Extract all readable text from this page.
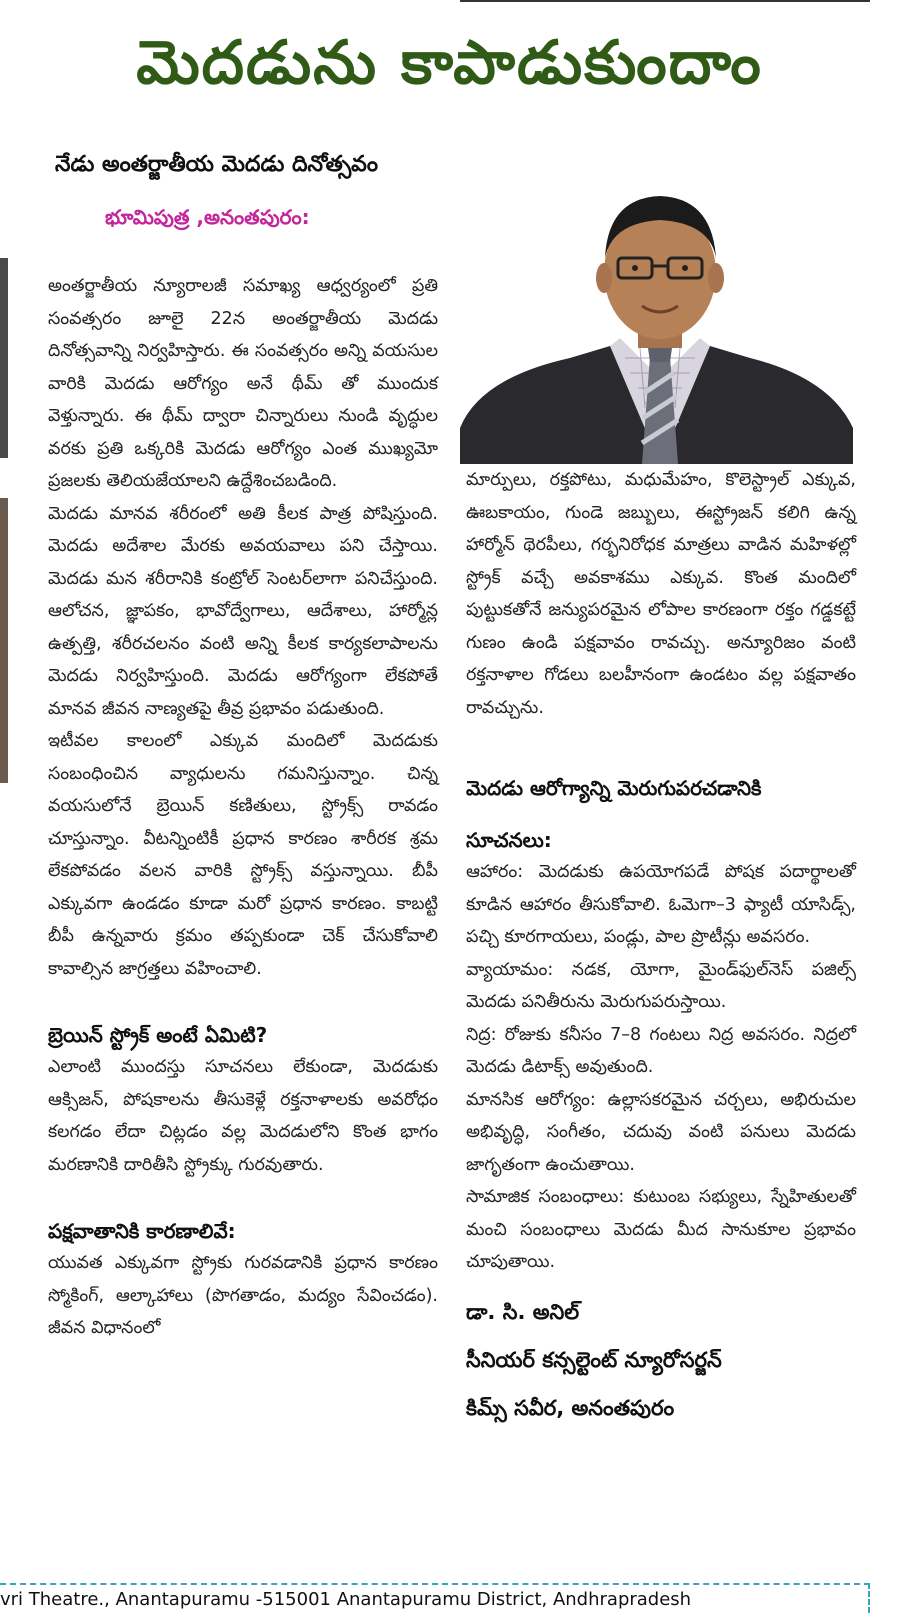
మెదడును కాపాడుకుందాం
నేడు అంతర్జాతీయ మెదడు దినోత్సవం
భూమిపుత్ర ,అనంతపురం:

అంతర్జాతీయ న్యూరాలజీ సమాఖ్య ఆధ్వర్యంలో ప్రతి సంవత్సరం జూలై 22న అంతర్జాతీయ మెదడు దినోత్సవాన్ని నిర్వహిస్తారు. ఈ సంవత్సరం అన్ని వయసుల వారికి మెదడు ఆరోగ్యం అనే థీమ్ తో ముందుక వెళ్తున్నారు. ఈ థీమ్ ద్వారా చిన్నారులు నుండి వృద్ధుల వరకు ప్రతి ఒక్కరికి మెదడు ఆరోగ్యం ఎంత ముఖ్యమో ప్రజలకు తెలియజేయాలని ఉద్దేశించబడింది.

మెదడు మానవ శరీరంలో అతి కీలక పాత్ర పోషిస్తుంది. మెదడు అదేశాల మేరకు అవయవాలు పని చేస్తాయి. మెదడు మన శరీరానికి కంట్రోల్ సెంటర్‌లాగా పనిచేస్తుంది. ఆలోచన, జ్ఞాపకం, భావోద్వేగాలు, ఆదేశాలు, హార్మోన్ల ఉత్పత్తి, శరీరచలనం వంటి అన్ని కీలక కార్యకలాపాలను మెదడు నిర్వహిస్తుంది. మెదడు ఆరోగ్యంగా లేకపోతే మానవ జీవన నాణ్యతపై తీవ్ర ప్రభావం పడుతుంది.

ఇటీవల కాలంలో ఎక్కువ మందిలో మెదడుకు సంబంధించిన వ్యాధులను గమనిస్తున్నాం. చిన్న వయసులోనే బ్రెయిన్ కణితులు, స్ట్రోక్స్ రావడం చూస్తున్నాం. వీటన్నింటికీ ప్రధాన కారణం శారీరక శ్రమ లేకపోవడం వలన వారికి స్ట్రోక్స్ వస్తున్నాయి. బీపీ ఎక్కువగా ఉండడం కూడా మరో ప్రధాన కారణం. కాబట్టి బీపీ ఉన్నవారు క్రమం తప్పకుండా చెక్ చేసుకోవాలి కావాల్సిన జాగ్రత్తలు వహించాలి.

బ్రెయిన్ స్ట్రోక్ అంటే ఏమిటి?

ఎలాంటి ముందస్తు సూచనలు లేకుండా, మెదడుకు ఆక్సిజన్, పోషకాలను తీసుకెళ్లే రక్తనాళాలకు అవరోధం కలగడం లేదా చిట్లడం వల్ల మెదడులోని కొంత భాగం మరణానికి దారితీసి స్ట్రోక్కు గురవుతారు.

పక్షవాతానికి కారణాలివే:

యువత ఎక్కువగా స్ట్రోకు గురవడానికి ప్రధాన కారణం స్మోకింగ్, ఆల్కాహాలు (పొగతాడం, మద్యం సేవించడం). జీవన విధానంలో

మార్పులు, రక్తపోటు, మధుమేహం, కొలెస్ట్రాల్ ఎక్కువ, ఊబకాయం, గుండె జబ్బులు, ఈస్ట్రోజన్ కలిగి ఉన్న హార్మోన్ థెరపీలు, గర్భనిరోధక మాత్రలు వాడిన మహిళల్లో స్ట్రోక్ వచ్చే అవకాశము ఎక్కువ. కొంత మందిలో పుట్టుకతోనే జన్యుపరమైన లోపాల కారణంగా రక్తం గడ్డకట్టే గుణం ఉండి పక్షవావం రావచ్చు. అన్యూరిజం వంటి రక్తనాళాల గోడలు బలహీనంగా ఉండటం వల్ల పక్షవాతం రావచ్చును.

మెదడు ఆరోగ్యాన్ని మెరుగుపరచడానికి
సూచనలు:

ఆహారం: మెదడుకు ఉపయోగపడే పోషక పదార్థాలతో కూడిన ఆహారం తీసుకోవాలి. ఓమెగా–3 ఫ్యాటీ యాసిడ్స్, పచ్చి కూరగాయలు, పండ్లు, పాల ప్రొటీన్లు అవసరం.

వ్యాయామం: నడక, యోగా, మైండ్‌ఫుల్‌నెస్ పజిల్స్ మెదడు పనితీరును మెరుగుపరుస్తాయి.

నిద్ర: రోజుకు కనీసం 7–8 గంటలు నిద్ర అవసరం. నిద్రలో మెదడు డిటాక్స్ అవుతుంది.

మానసిక ఆరోగ్యం: ఉల్లాసకరమైన చర్చలు, అభిరుచుల అభివృద్ధి, సంగీతం, చదువు వంటి పనులు మెదడు జాగృతంగా ఉంచుతాయి.

సామాజిక సంబంధాలు: కుటుంబ సభ్యులు, స్నేహితులతో మంచి సంబంధాలు మెదడు మీద సానుకూల ప్రభావం చూపుతాయి.

డా. సి. అనిల్
సీనియర్ కన్సల్టెంట్ న్యూరోసర్జన్
కిమ్స్ సవీర, అనంతపురం
vri Theatre., Anantapuramu -515001 Anantapuramu District, Andhrapradesh
